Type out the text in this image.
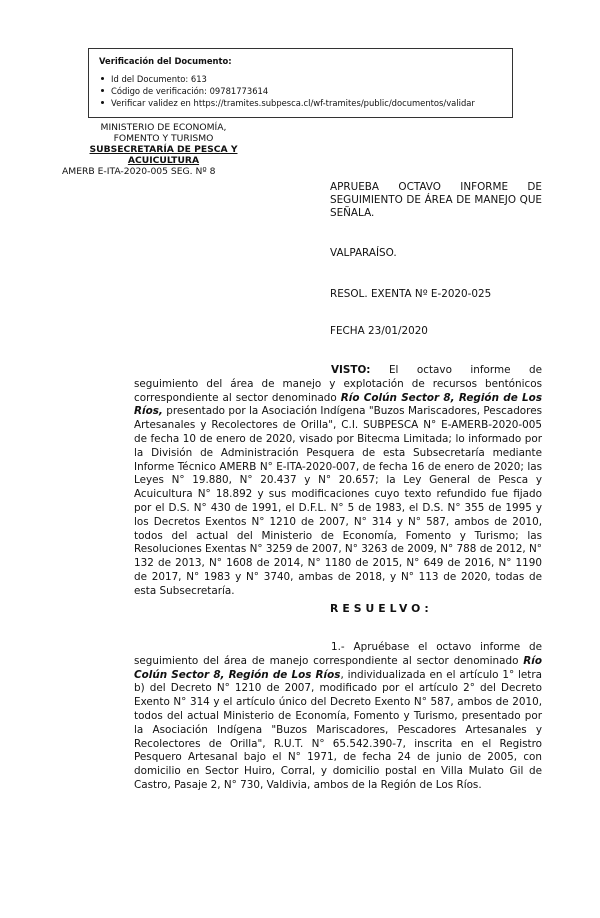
Verificación del Documento:
Id del Documento: 613
Código de verificación: 09781773614
Verificar validez en https://tramites.subpesca.cl/wf-tramites/public/documentos/validar
MINISTERIO DE ECONOMÍA,
FOMENTO Y TURISMO
SUBSECRETARÍA DE PESCA Y ACUICULTURA
AMERB E-ITA-2020-005 SEG. Nº 8
APRUEBA OCTAVO INFORME DE SEGUIMIENTO DE ÁREA DE MANEJO QUE SEÑALA.
VALPARAÍSO.
RESOL. EXENTA Nº E-2020-025
FECHA 23/01/2020
VISTO: El octavo informe de seguimiento del área de manejo y explotación de recursos bentónicos correspondiente al sector denominado Río Colún Sector 8, Región de Los Ríos, presentado por la Asociación Indígena "Buzos Mariscadores, Pescadores Artesanales y Recolectores de Orilla", C.I. SUBPESCA N° E-AMERB-2020-005 de fecha 10 de enero de 2020, visado por Bitecma Limitada; lo informado por la División de Administración Pesquera de esta Subsecretaría mediante Informe Técnico AMERB N° E-ITA-2020-007, de fecha 16 de enero de 2020; las Leyes N° 19.880, N° 20.437 y N° 20.657; la Ley General de Pesca y Acuicultura N° 18.892 y sus modificaciones cuyo texto refundido fue fijado por el D.S. N° 430 de 1991, el D.F.L. N° 5 de 1983, el D.S. N° 355 de 1995 y los Decretos Exentos N° 1210 de 2007, N° 314 y N° 587, ambos de 2010, todos del actual del Ministerio de Economía, Fomento y Turismo; las Resoluciones Exentas N° 3259 de 2007, N° 3263 de 2009, N° 788 de 2012, N° 132 de 2013, N° 1608 de 2014, N° 1180 de 2015, N° 649 de 2016, N° 1190 de 2017, N° 1983 y N° 3740, ambas de 2018, y N° 113 de 2020, todas de esta Subsecretaría.
RESUELVO:
1.- Apruébase el octavo informe de seguimiento del área de manejo correspondiente al sector denominado Río Colún Sector 8, Región de Los Ríos, individualizada en el artículo 1° letra b) del Decreto N° 1210 de 2007, modificado por el artículo 2° del Decreto Exento N° 314 y el artículo único del Decreto Exento N° 587, ambos de 2010, todos del actual Ministerio de Economía, Fomento y Turismo, presentado por la Asociación Indígena "Buzos Mariscadores, Pescadores Artesanales y Recolectores de Orilla", R.U.T. N° 65.542.390-7, inscrita en el Registro Pesquero Artesanal bajo el N° 1971, de fecha 24 de junio de 2005, con domicilio en Sector Huiro, Corral, y domicilio postal en Villa Mulato Gil de Castro, Pasaje 2, N° 730, Valdivia, ambos de la Región de Los Ríos.
